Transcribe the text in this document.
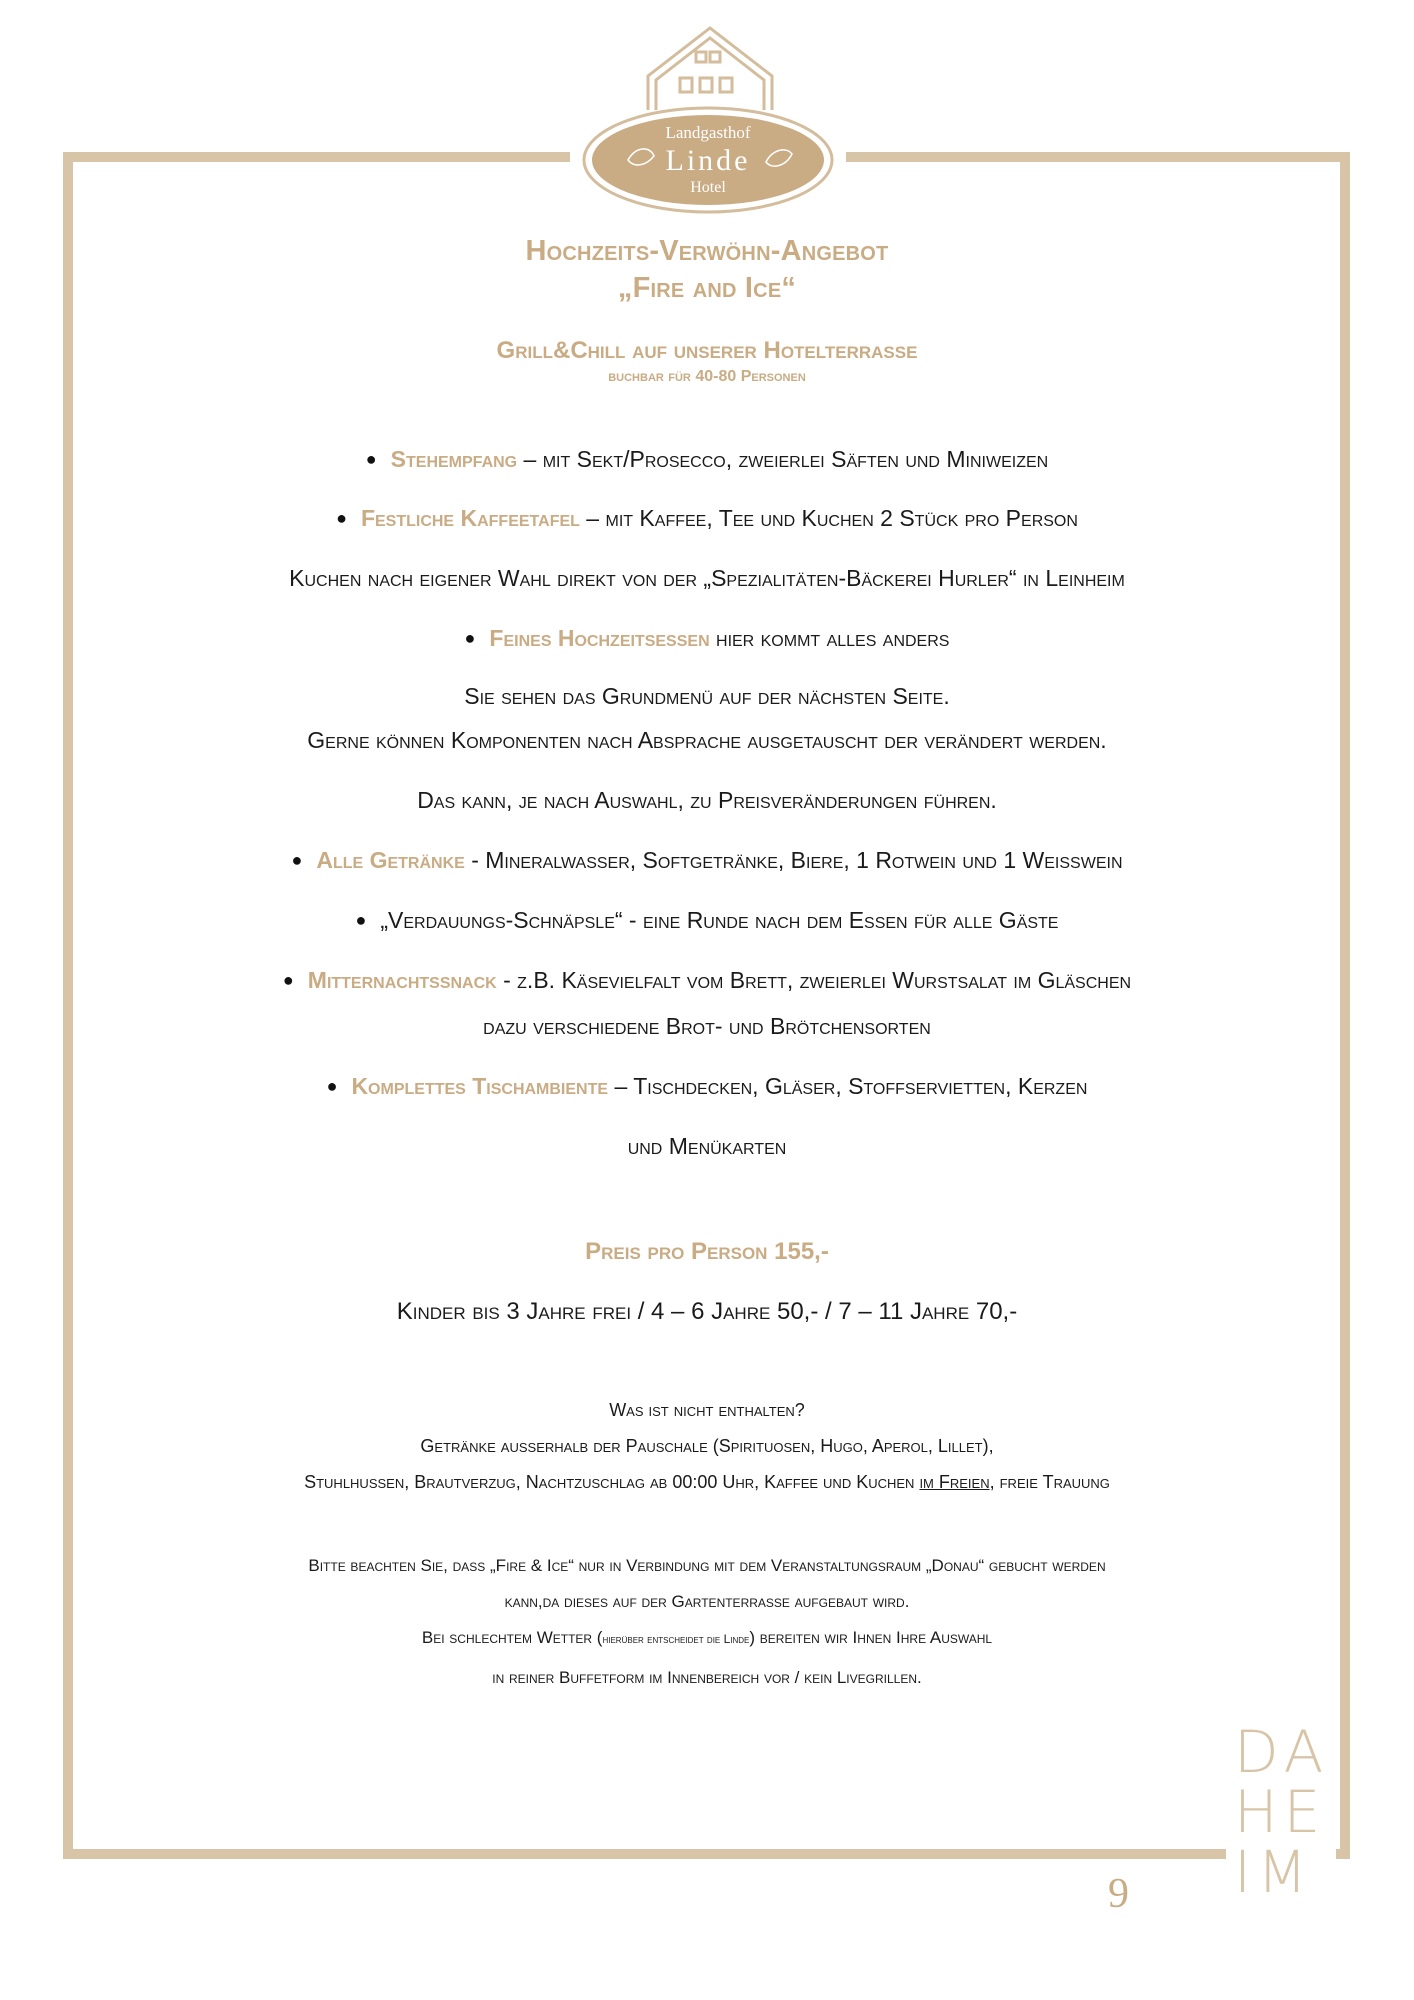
Landgasthof
Linde
Hotel
Hochzeits-Verwöhn-Angebot
„Fire and Ice“
Grill&Chill auf unserer Hotelterrasse
buchbar für 40-80 Personen
● Stehempfang – mit Sekt/Prosecco, zweierlei Säften und Miniweizen
● Festliche Kaffeetafel – mit Kaffee, Tee und Kuchen 2 Stück pro Person
Kuchen nach eigener Wahl direkt von der „Spezialitäten-Bäckerei Hurler“ in Leinheim
● Feines Hochzeitsessen hier kommt alles anders
Sie sehen das Grundmenü auf der nächsten Seite.
Gerne können Komponenten nach Absprache ausgetauscht der verändert werden.
Das kann, je nach Auswahl, zu Preisveränderungen führen.
● Alle Getränke - Mineralwasser, Softgetränke, Biere, 1 Rotwein und 1 Weißwein
● „Verdauungs-Schnäpsle“ - eine Runde nach dem Essen für alle Gäste
● Mitternachtssnack - z.B. Käsevielfalt vom Brett, zweierlei Wurstsalat im Gläschen
dazu verschiedene Brot- und Brötchensorten
● Komplettes Tischambiente – Tischdecken, Gläser, Stoffservietten, Kerzen
und Menükarten
Preis pro Person 155,-
Kinder bis 3 Jahre frei / 4 – 6 Jahre 50,- / 7 – 11 Jahre 70,-
Was ist nicht enthalten?
Getränke außerhalb der Pauschale (Spirituosen, Hugo, Aperol, Lillet),
Stuhlhussen, Brautverzug, Nachtzuschlag ab 00:00 Uhr, Kaffee und Kuchen im Freien, freie Trauung
Bitte beachten Sie, dass „Fire & Ice“ nur in Verbindung mit dem Veranstaltungsraum „Donau“ gebucht werden
kann,da dieses auf der Gartenterrasse aufgebaut wird.
Bei schlechtem Wetter (hierüber entscheidet die Linde) bereiten wir Ihnen Ihre Auswahl
in reiner Buffetform im Innenbereich vor / kein Livegrillen.
DA
HE
IM
9
